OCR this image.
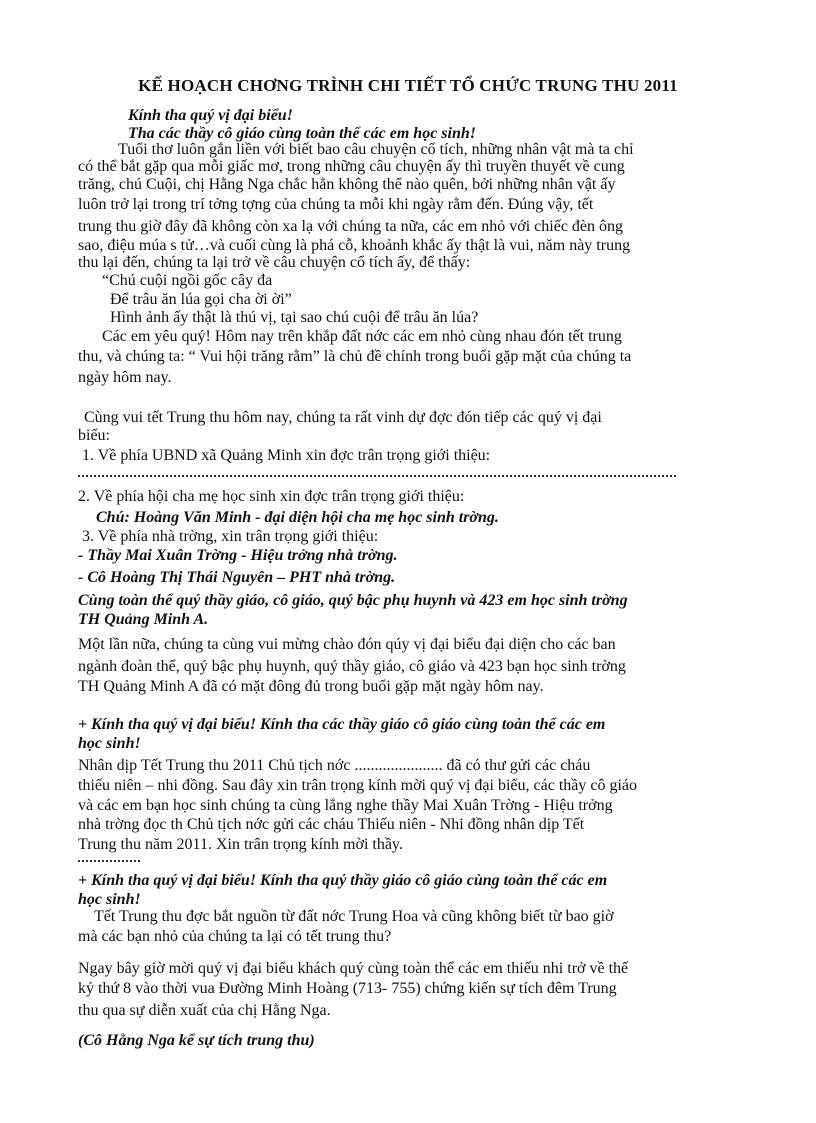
KẾ HOẠCH CHƠNG TRÌNH CHI TIẾT TỔ CHỨC TRUNG THU 2011
Kính tha quý vị đại biểu!
Tha các thầy cô giáo cùng toàn thể các em học sinh!
Tuổi thơ luôn gắn liền với biết bao câu chuyện cổ tích, những nhân vật mà ta chỉ
có thể bắt gặp qua mỗi giấc mơ, trong những câu chuyện ấy thì truyền thuyết về cung
trăng, chú Cuội, chị Hằng Nga chắc hẳn không thể nào quên, bởi những nhân vật ấy
luôn trở lại trong trí tởng tợng của chúng ta mỗi khi ngày rằm đến. Đúng vậy, tết
trung thu giờ đây đã không còn xa lạ với chúng ta nữa, các em nhỏ với chiếc đèn ông
sao, điệu múa s tử…và cuối cùng là phá cỗ, khoảnh khắc ấy thật là vui, năm này trung
thu lại đến, chúng ta lại trở về câu chuyện cổ tích ấy, để thấy:
“Chú cuội ngồi gốc cây đa
Để trâu ăn lúa gọi cha ời ời”
Hình ảnh ấy thật là thú vị, tại sao chú cuội để trâu ăn lúa?
Các em yêu quý! Hôm nay trên khắp đất nớc các em nhỏ cùng nhau đón tết trung
thu, và chúng ta: “ Vui hội trăng rằm” là chủ đề chính trong buổi gặp mặt của chúng ta
ngày hôm nay.
Cùng vui tết Trung thu hôm nay, chúng ta rất vinh dự đợc đón tiếp các quý vị đại
biểu:
1. Về phía UBND xã Quảng Minh xin đợc trân trọng giới thiệu:
2. Về phía hội cha mẹ học sinh xin đợc trân trọng giới thiệu:
Chú: Hoàng Văn Minh - đại diện hội cha mẹ học sinh trờng.
3. Về phía nhà trờng, xin trân trọng giới thiệu:
- Thầy Mai Xuân Trờng - Hiệu trởng nhà trờng.
- Cô Hoàng Thị Thái Nguyên – PHT nhà trờng.
Cùng toàn thể quý thầy giáo, cô giáo, quý bậc phụ huynh và 423 em học sinh trờng
TH Quảng Minh A.
Một lần nữa, chúng ta cùng vui mừng chào đón qúy vị đại biểu đại diện cho các ban
ngành đoàn thể, quý bậc phụ huynh, quý thầy giáo, cô giáo và 423 bạn học sinh trờng
TH Quảng Minh A đã có mặt đông đủ trong buổi gặp mặt ngày hôm nay.
+ Kính tha quý vị đại biểu! Kính tha các thầy giáo cô giáo cùng toàn thể các em
học sinh!
Nhân dịp Tết Trung thu 2011 Chủ tịch nớc ...................... đã có thư gửi các cháu
thiếu niên – nhi đồng. Sau đây xin trân trọng kính mời quý vị đại biểu, các thầy cô giáo
và các em bạn học sinh chúng ta cùng lắng nghe thầy Mai Xuân Trờng - Hiệu trởng
nhà trờng đọc th Chủ tịch nớc gửi các cháu Thiếu niên - Nhi đồng nhân dịp Tết
Trung thu năm 2011. Xin trân trọng kính mời thầy.
+ Kính tha quý vị đại biểu! Kính tha quý thầy giáo cô giáo cùng toàn thể các em
học sinh!
Tết Trung thu đợc bắt nguồn từ đất nớc Trung Hoa và cũng không biết từ bao giờ
mà các bạn nhỏ của chúng ta lại có tết trung thu?
Ngay bây giờ mời quý vị đại biểu khách quý cùng toàn thể các em thiếu nhi trở về thế
kỷ thứ 8 vào thời vua Đường Minh Hoàng (713- 755) chứng kiến sự tích đêm Trung
thu qua sự diễn xuất của chị Hằng Nga.
(Cô Hằng Nga kể sự tích trung thu)
